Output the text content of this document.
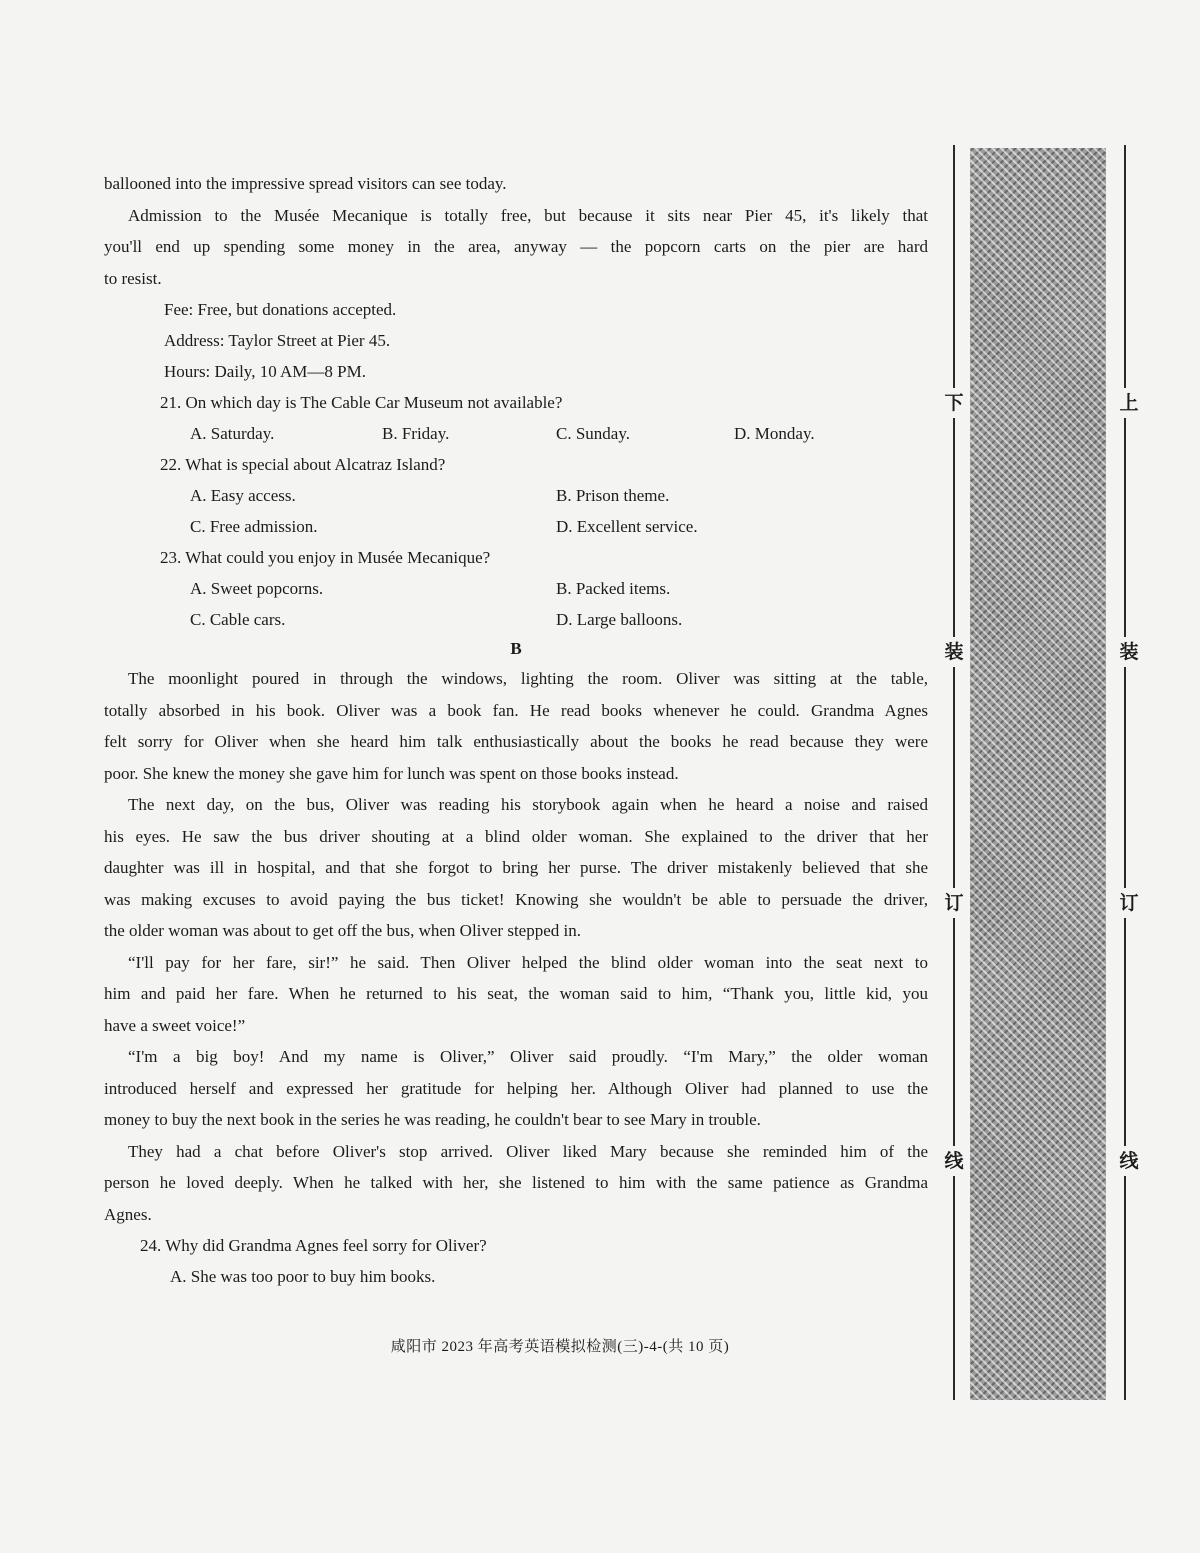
ballooned into the impressive spread visitors can see today.
Admission to the Musée Mecanique is totally free, but because it sits near Pier 45, it's likely that
you'll end up spending some money in the area, anyway — the popcorn carts on the pier are hard
to resist.
Fee: Free, but donations accepted.
Address: Taylor Street at Pier 45.
Hours: Daily, 10 AM—8 PM.
21. On which day is The Cable Car Museum not available?
A. Saturday.	B. Friday.	C. Sunday.	D. Monday.
22. What is special about Alcatraz Island?
A. Easy access.	B. Prison theme.
C. Free admission.	D. Excellent service.
23. What could you enjoy in Musée Mecanique?
A. Sweet popcorns.	B. Packed items.
C. Cable cars.	D. Large balloons.
B
The moonlight poured in through the windows, lighting the room. Oliver was sitting at the table,
totally absorbed in his book. Oliver was a book fan. He read books whenever he could. Grandma Agnes
felt sorry for Oliver when she heard him talk enthusiastically about the books he read because they were
poor. She knew the money she gave him for lunch was spent on those books instead.
The next day, on the bus, Oliver was reading his storybook again when he heard a noise and raised
his eyes. He saw the bus driver shouting at a blind older woman. She explained to the driver that her
daughter was ill in hospital, and that she forgot to bring her purse. The driver mistakenly believed that she
was making excuses to avoid paying the bus ticket! Knowing she wouldn't be able to persuade the driver,
the older woman was about to get off the bus, when Oliver stepped in.
“I'll pay for her fare, sir!” he said. Then Oliver helped the blind older woman into the seat next to
him and paid her fare. When he returned to his seat, the woman said to him, “Thank you, little kid, you
have a sweet voice!”
“I'm a big boy! And my name is Oliver,” Oliver said proudly. “I'm Mary,” the older woman
introduced herself and expressed her gratitude for helping her. Although Oliver had planned to use the
money to buy the next book in the series he was reading, he couldn't bear to see Mary in trouble.
They had a chat before Oliver's stop arrived. Oliver liked Mary because she reminded him of the
person he loved deeply. When he talked with her, she listened to him with the same patience as Grandma
Agnes.
24. Why did Grandma Agnes feel sorry for Oliver?
A. She was too poor to buy him books.
咸阳市 2023 年高考英语模拟检测(三)-4-(共 10 页)
下
装
订
线
上
装
订
线
